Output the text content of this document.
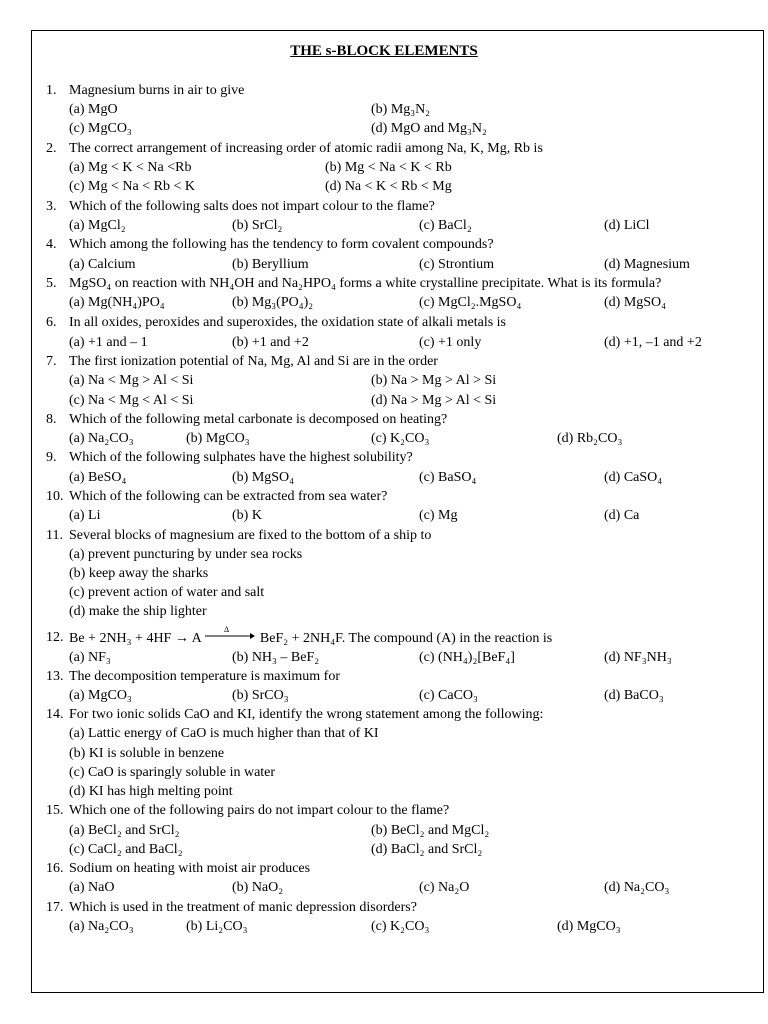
THE s-BLOCK ELEMENTS
1. Magnesium burns in air to give
(a) MgO	(b) Mg₃N₂
(c) MgCO₃	(d) MgO and Mg₃N₂
2. The correct arrangement of increasing order of atomic radii among Na, K, Mg, Rb is
(a) Mg < K < Na <Rb	(b) Mg < Na < K < Rb
(c) Mg < Na < Rb < K	(d) Na < K < Rb < Mg
3. Which of the following salts does not impart colour to the flame?
(a) MgCl₂	(b) SrCl₂	(c) BaCl₂	(d) LiCl
4. Which among the following has the tendency to form covalent compounds?
(a) Calcium	(b) Beryllium	(c) Strontium	(d) Magnesium
5. MgSO₄ on reaction with NH₄OH and Na₂HPO₄ forms a white crystalline precipitate. What is its formula?
(a) Mg(NH₄)PO₄	(b) Mg₃(PO₄)₂	(c) MgCl₂.MgSO₄	(d) MgSO₄
6. In all oxides, peroxides and superoxides, the oxidation state of alkali metals is
(a) +1 and – 1	(b) +1 and +2	(c) +1 only	(d) +1, –1 and +2
7. The first ionization potential of Na, Mg, Al and Si are in the order
(a) Na < Mg > Al < Si	(b) Na > Mg > Al > Si
(c) Na < Mg < Al < Si	(d) Na > Mg > Al < Si
8. Which of the following metal carbonate is decomposed on heating?
(a) Na₂CO₃	(b) MgCO₃	(c) K₂CO₃	(d) Rb₂CO₃
9. Which of the following sulphates have the highest solubility?
(a) BeSO₄	(b) MgSO₄	(c) BaSO₄	(d) CaSO₄
10. Which of the following can be extracted from sea water?
(a) Li	(b) K	(c) Mg	(d) Ca
11. Several blocks of magnesium are fixed to the bottom of a ship to
(a) prevent puncturing by under sea rocks
(b) keep away the sharks
(c) prevent action of water and salt
(d) make the ship lighter
12. Be + 2NH₃ + 4HF → A
Δ
BeF₂ + 2NH₄F. The compound (A) in the reaction is
(a) NF₃	(b) NH₃ – BeF₂	(c) (NH₄)₂[BeF₄]	(d) NF₃NH₃
13. The decomposition temperature is maximum for
(a) MgCO₃	(b) SrCO₃	(c) CaCO₃	(d) BaCO₃
14. For two ionic solids CaO and KI, identify the wrong statement among the following:
(a) Lattic energy of CaO is much higher than that of KI
(b) KI is soluble in benzene
(c) CaO is sparingly soluble in water
(d) KI has high melting point
15. Which one of the following pairs do not impart colour to the flame?
(a) BeCl₂ and SrCl₂	(b) BeCl₂ and MgCl₂
(c) CaCl₂ and BaCl₂	(d) BaCl₂ and SrCl₂
16. Sodium on heating with moist air produces
(a) NaO	(b) NaO₂	(c) Na₂O	(d) Na₂CO₃
17. Which is used in the treatment of manic depression disorders?
(a) Na₂CO₃	(b) Li₂CO₃	(c) K₂CO₃	(d) MgCO₃
